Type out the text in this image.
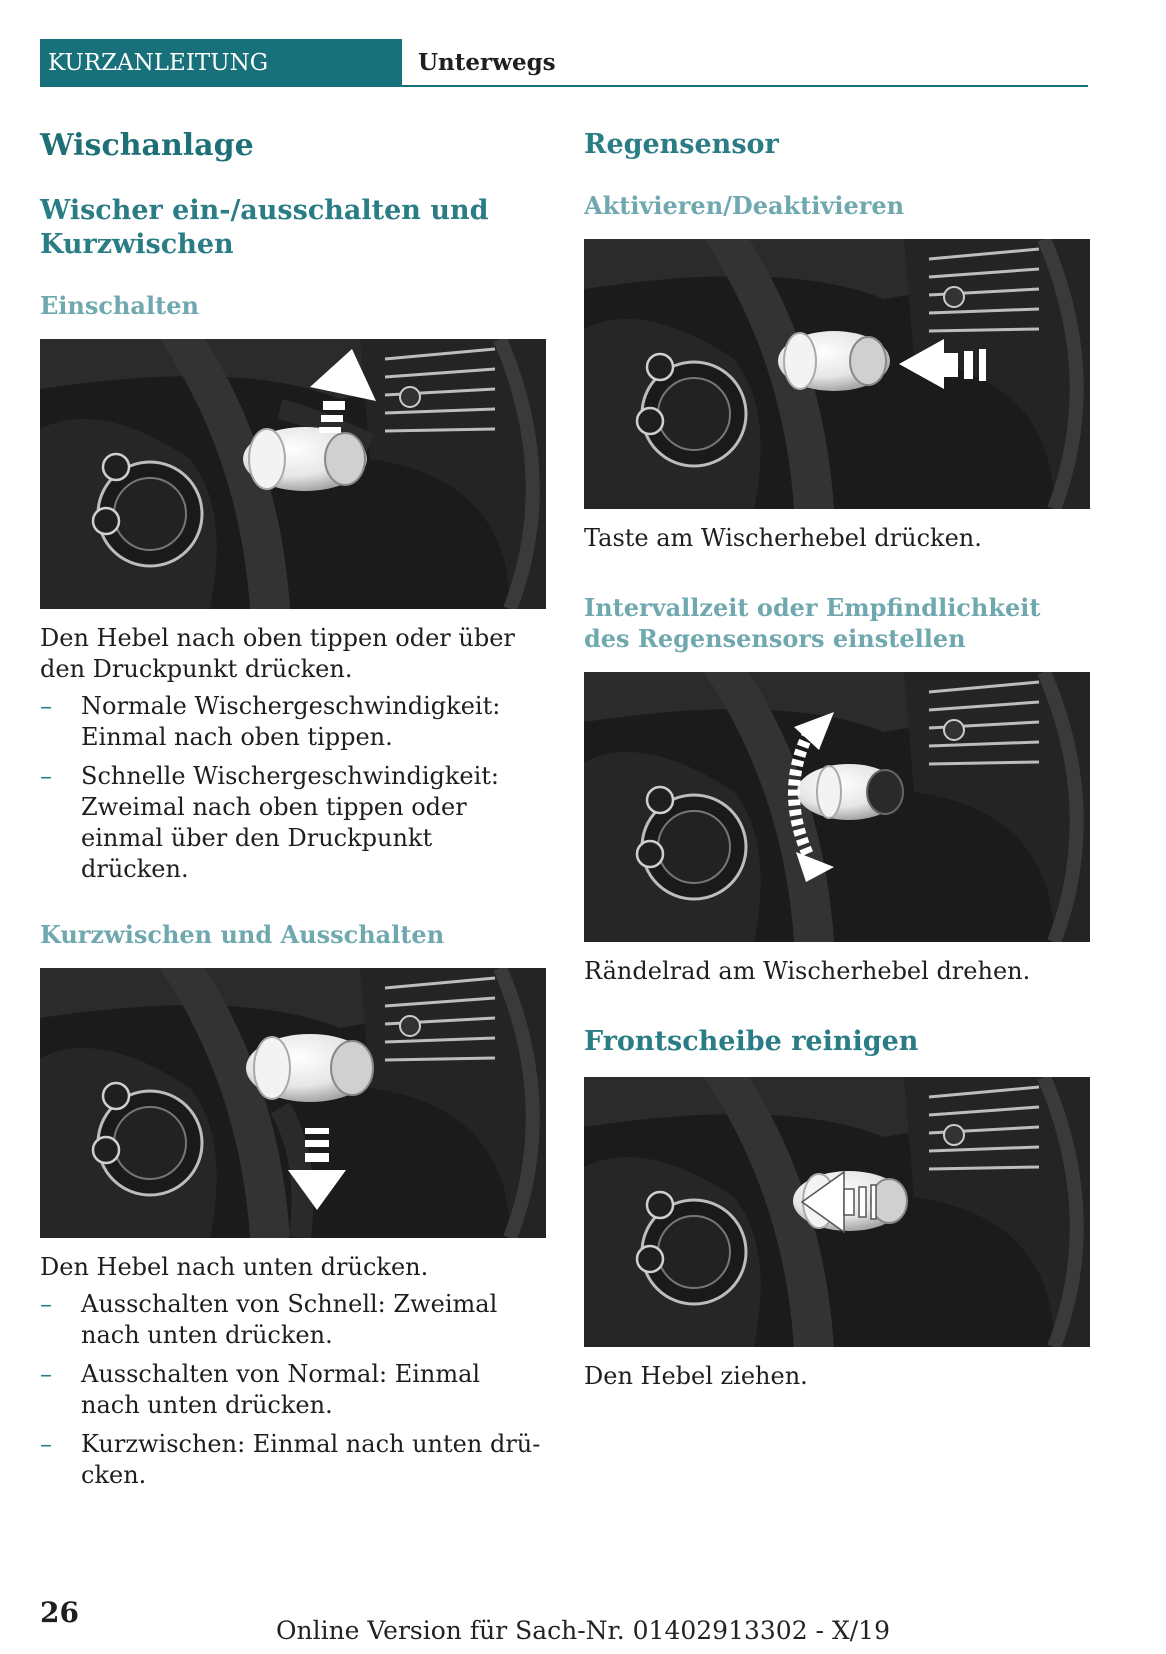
KURZANLEITUNG	Unterwegs
Wischanlage
Wischer ein-/ausschalten und Kurzwischen
Einschalten

Den Hebel nach oben tippen oder über den Druckpunkt drücken.

– Normale Wischergeschwindigkeit: Einmal nach oben tippen.
– Schnelle Wischergeschwindigkeit: Zweimal nach oben tippen oder einmal über den Druckpunkt drücken.
Kurzwischen und Ausschalten

Den Hebel nach unten drücken.

– Ausschalten von Schnell: Zweimal nach unten drücken.
– Ausschalten von Normal: Einmal nach unten drücken.
– Kurzwischen: Einmal nach unten drücken.
Regensensor
Aktivieren/Deaktivieren

Taste am Wischerhebel drücken.

Intervallzeit oder Empfindlichkeit des Regensensors einstellen

Rändelrad am Wischerhebel drehen.

Frontscheibe reinigen

Den Hebel ziehen.

26
Online Version für Sach-Nr. 01402913302 - X/19
